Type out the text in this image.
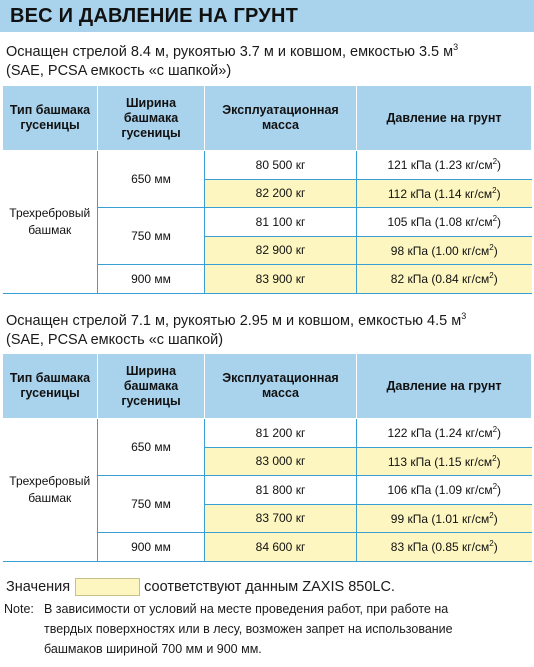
ВЕС И ДАВЛЕНИЕ НА ГРУНТ
Оснащен стрелой 8.4 м, рукоятью 3.7 м и ковшом, емкостью 3.5 $м^3$
(SAE, PCSA емкость «с шапкой»)
Тип башмака гусеницы	Ширина башмака гусеницы	Эксплуатационная масса	Давление на грунт
Трехребровый башмак	650 мм	80 500 кг	121 кПа (1.23 $кг/см^2$)
		82 200 кг	112 кПа (1.14 $кг/см^2$)
	750 мм	81 100 кг	105 кПа (1.08 $кг/см^2$)
		82 900 кг	98 кПа (1.00 $кг/см^2$)
	900 мм	83 900 кг	82 кПа (0.84 $кг/см^2$)
Оснащен стрелой 7.1 м, рукоятью 2.95 м и ковшом, емкостью 4.5 $м^3$
(SAE, PCSA емкость «с шапкой)
Тип башмака гусеницы	Ширина башмака гусеницы	Эксплуатационная масса	Давление на грунт
Трехребровый башмак	650 мм	81 200 кг	122 кПа (1.24 $кг/см^2$)
		83 000 кг	113 кПа (1.15 $кг/см^2$)
	750 мм	81 800 кг	106 кПа (1.09 $кг/см^2$)
		83 700 кг	99 кПа (1.01 $кг/см^2$)
	900 мм	84 600 кг	83 кПа (0.85 $кг/см^2$)
Значения	соответствуют данным ZAXIS 850LC.
Note: В зависимости от условий на месте проведения работ, при работе на твердых поверхностях или в лесу, возможен запрет на использование башмаков шириной 700 мм и 900 мм.
